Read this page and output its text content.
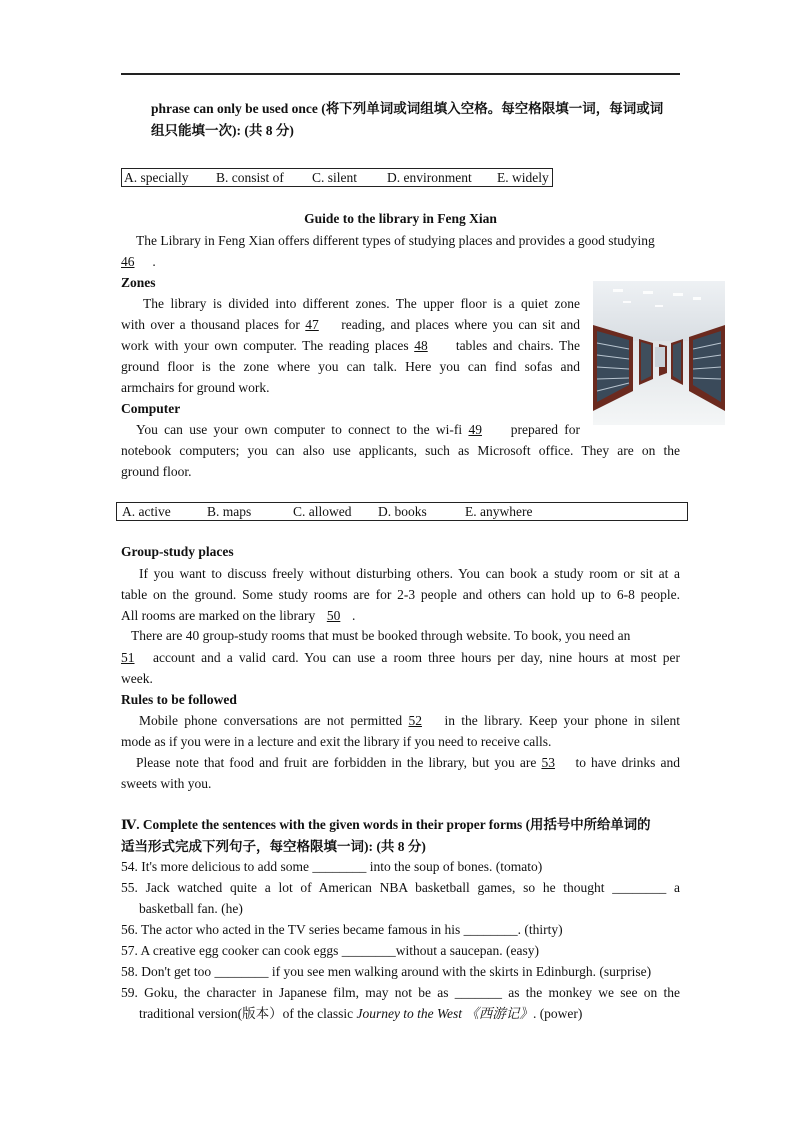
phrase can only be used once (将下列单词或词组填入空格。每空格限填一词，每词或词
组只能填一次): (共 8 分)
A. specially B. consist of C. silent D. environment E. widely
Guide to the library in Feng Xian
The Library in Feng Xian offers different types of studying places and provides a good studying
46 .
Zones
The library is divided into different zones. The upper floor is a quiet zone
with over a thousand places for 47 reading, and places where you can sit and
work with your own computer. The reading places 48 tables and chairs. The
ground floor is the zone where you can talk. Here you can find sofas and
armchairs for ground work.
Computer
You can use your own computer to connect to the wi-fi 49 prepared for
notebook computers; you can also use applicants, such as Microsoft office. They are on the
ground floor.
A. active	B. maps	C. allowed D. books	E. anywhere
Group-study places
If you want to discuss freely without disturbing others. You can book a study room or sit at a
table on the ground. Some study rooms are for 2-3 people and others can hold up to 6-8 people.
All rooms are marked on the library 50 .
There are 40 group-study rooms that must be booked through website. To book, you need an
51 account and a valid card. You can use a room three hours per day, nine hours at most per
week.
Rules to be followed
Mobile phone conversations are not permitted 52 in the library. Keep your phone in silent
mode as if you were in a lecture and exit the library if you need to receive calls.
Please note that food and fruit are forbidden in the library, but you are 53 to have drinks and
sweets with you.
Ⅳ. Complete the sentences with the given words in their proper forms (用括号中所给单词的
适当形式完成下列句子，每空格限填一词): (共 8 分)
54. It's more delicious to add some ________ into the soup of bones. (tomato)
55. Jack watched quite a lot of American NBA basketball games, so he thought ________ a
basketball fan. (he)
56. The actor who acted in the TV series became famous in his ________. (thirty)
57. A creative egg cooker can cook eggs ________without a saucepan. (easy)
58. Don't get too ________ if you see men walking around with the skirts in Edinburgh. (surprise)
59. Goku, the character in Japanese film, may not be as _______ as the monkey we see on the
traditional version(版本）of the classic Journey to the West 《西游记》. (power)
